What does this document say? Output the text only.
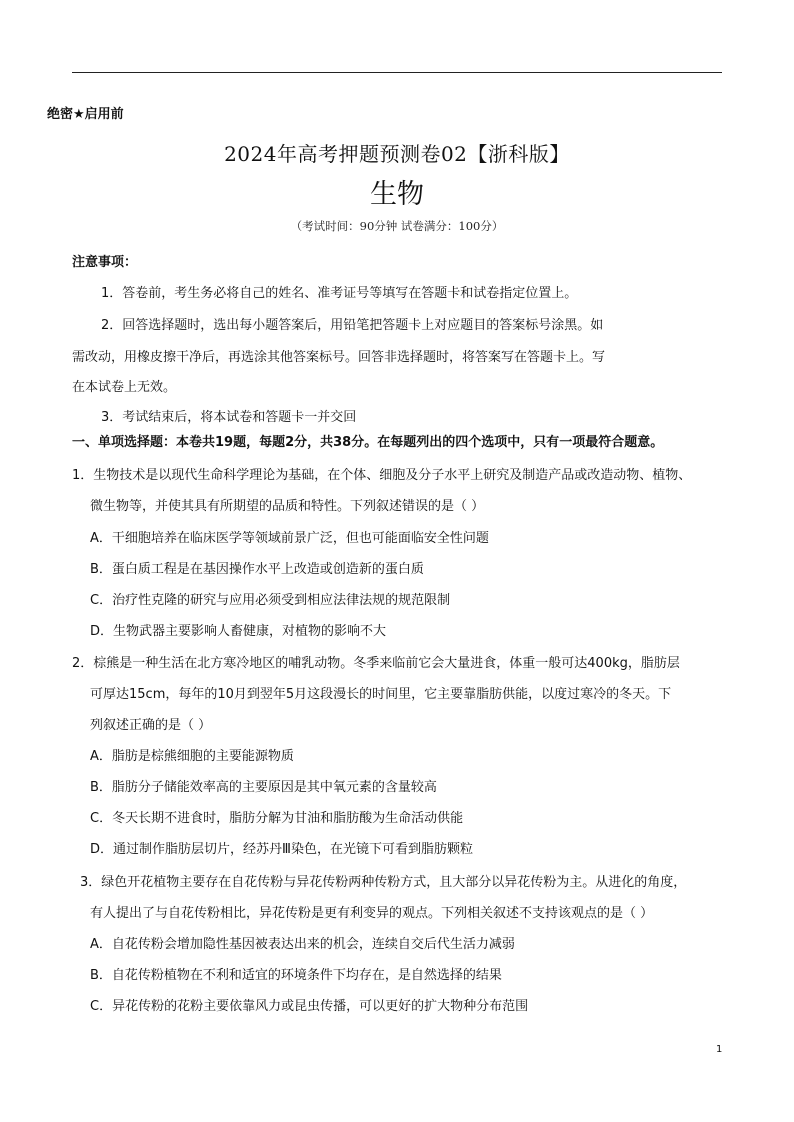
绝密★启用前
2024年高考押题预测卷02【浙科版】
生物
（考试时间：90分钟 试卷满分：100分）
注意事项：
1．答卷前，考生务必将自己的姓名、准考证号等填写在答题卡和试卷指定位置上。
2．回答选择题时，选出每小题答案后，用铅笔把答题卡上对应题目的答案标号涂黑。如
需改动，用橡皮擦干净后，再选涂其他答案标号。回答非选择题时，将答案写在答题卡上。写
在本试卷上无效。
3．考试结束后，将本试卷和答题卡一并交回
一、单项选择题：本卷共19题，每题2分，共38分。在每题列出的四个选项中，只有一项最符合题意。
1．生物技术是以现代生命科学理论为基础，在个体、细胞及分子水平上研究及制造产品或改造动物、植物、
微生物等，并使其具有所期望的品质和特性。下列叙述错误的是（ ）
A．干细胞培养在临床医学等领域前景广泛，但也可能面临安全性问题
B．蛋白质工程是在基因操作水平上改造或创造新的蛋白质
C．治疗性克隆的研究与应用必须受到相应法律法规的规范限制
D．生物武器主要影响人畜健康，对植物的影响不大
2．棕熊是一种生活在北方寒冷地区的哺乳动物。冬季来临前它会大量进食，体重一般可达400kg，脂肪层
可厚达15cm，每年的10月到翌年5月这段漫长的时间里，它主要靠脂肪供能，以度过寒冷的冬天。下
列叙述正确的是（ ）
A．脂肪是棕熊细胞的主要能源物质
B．脂肪分子储能效率高的主要原因是其中氧元素的含量较高
C．冬天长期不进食时，脂肪分解为甘油和脂肪酸为生命活动供能
D．通过制作脂肪层切片，经苏丹Ⅲ染色，在光镜下可看到脂肪颗粒
3．绿色开花植物主要存在自花传粉与异花传粉两种传粉方式，且大部分以异花传粉为主。从进化的角度，
有人提出了与自花传粉相比，异花传粉是更有利变异的观点。下列相关叙述不支持该观点的是（ ）
A．自花传粉会增加隐性基因被表达出来的机会，连续自交后代生活力减弱
B．自花传粉植物在不利和适宜的环境条件下均存在，是自然选择的结果
C．异花传粉的花粉主要依靠风力或昆虫传播，可以更好的扩大物种分布范围
1
